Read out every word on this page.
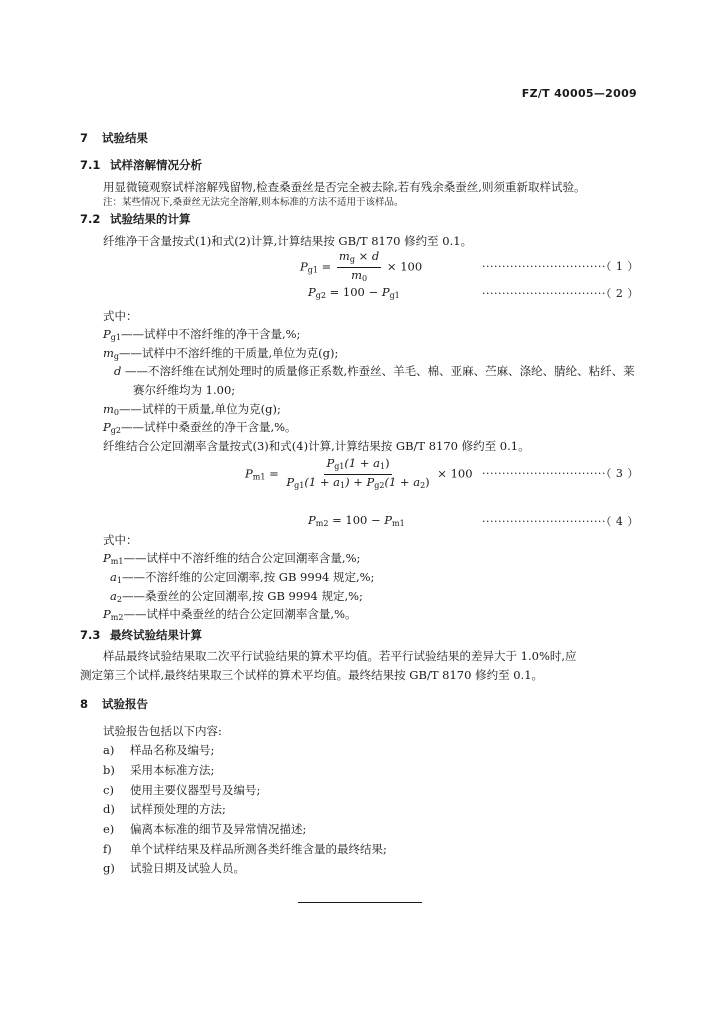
FZ/T 40005—2009
7 试验结果
7.1 试样溶解情况分析
用显微镜观察试样溶解残留物,检查桑蚕丝是否完全被去除,若有残余桑蚕丝,则须重新取样试验。
注：某些情况下,桑蚕丝无法完全溶解,则本标准的方法不适用于该样品。
7.2 试验结果的计算
纤维净干含量按式(1)和式(2)计算,计算结果按 GB/T 8170 修约至 0.1。
$P_{g1} = \frac{m_g \times d}{m_0} \times 100$	·······························（ 1 ）
$P_{g2} = 100 - P_{g1}$	·······························（ 2 ）
式中：
$P_{g1}——$试样中不溶纤维的净干含量,%;
$m_g——$试样中不溶纤维的干质量,单位为克(g);
d ——不溶纤维在试剂处理时的质量修正系数,柞蚕丝、羊毛、棉、亚麻、苎麻、涤纶、腈纶、粘纤、莱
赛尔纤维均为 1.00;
$m_0——$试样的干质量,单位为克(g);
$P_{g2}——$试样中桑蚕丝的净干含量,%。
纤维结合公定回潮率含量按式(3)和式(4)计算,计算结果按 GB/T 8170 修约至 0.1。
$P_{m1} = \frac{P_{g1}(1 + a_1)}{P_{g1}(1 + a_1) + P_{g2}(1 + a_2)} \times 100$ ·······························（ 3 ）
$P_{m2} = 100 - P_{m1}$	·······························（ 4 ）
式中：
$P_{m1}——$试样中不溶纤维的结合公定回潮率含量,%;
$a_1——$不溶纤维的公定回潮率,按 GB 9994 规定,%;
$a_2——$桑蚕丝的公定回潮率,按 GB 9994 规定,%;
$P_{m2}——$试样中桑蚕丝的结合公定回潮率含量,%。
7.3 最终试验结果计算
样品最终试验结果取二次平行试验结果的算术平均值。若平行试验结果的差异大于 1.0%时,应
测定第三个试样,最终结果取三个试样的算术平均值。最终结果按 GB/T 8170 修约至 0.1。
8 试验报告
试验报告包括以下内容:
a) 样品名称及编号;
b) 采用本标准方法;
c) 使用主要仪器型号及编号;
d) 试样预处理的方法;
e) 偏离本标准的细节及异常情况描述;
f) 单个试样结果及样品所测各类纤维含量的最终结果;
g) 试验日期及试验人员。
